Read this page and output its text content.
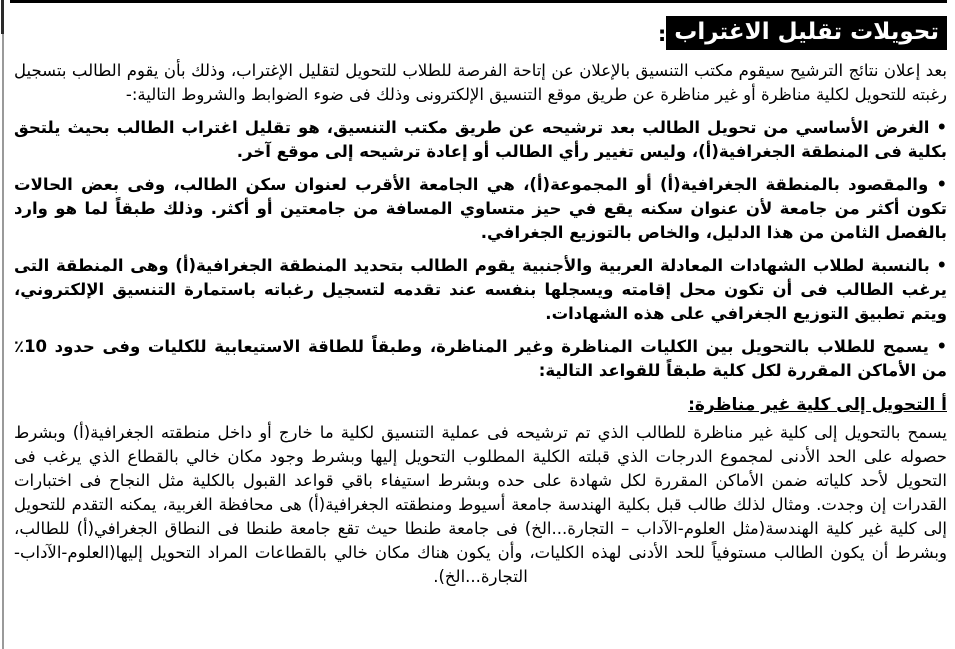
تحويلات تقليل الاغتراب:

بعد إعلان نتائج الترشيح سيقوم مكتب التنسيق بالإعلان عن إتاحة الفرصة للطلاب للتحويل لتقليل الإغتراب، وذلك بأن يقوم الطالب بتسجيل رغبته للتحويل لكلية مناظرة أو غير مناظرة عن طريق موقع التنسيق الإلكترونى وذلك فى ضوء الضوابط والشروط التالية:-

• الغرض الأساسي من تحويل الطالب بعد ترشيحه عن طريق مكتب التنسيق، هو تقليل اغتراب الطالب بحيث يلتحق بكلية فى المنطقة الجغرافية(أ)، وليس تغيير رأي الطالب أو إعادة ترشيحه إلى موقع آخر.

• والمقصود بالمنطقة الجغرافية(أ) أو المجموعة(أ)، هي الجامعة الأقرب لعنوان سكن الطالب، وفى بعض الحالات تكون أكثر من جامعة لأن عنوان سكنه يقع في حيز متساوي المسافة من جامعتين أو أكثر. وذلك طبقاً لما هو وارد بالفصل الثامن من هذا الدليل، والخاص بالتوزيع الجغرافي.

• بالنسبة لطلاب الشهادات المعادلة العربية والأجنبية يقوم الطالب بتحديد المنطقة الجغرافية(أ) وهى المنطقة التى يرغب الطالب فى أن تكون محل إقامته ويسجلها بنفسه عند تقدمه لتسجيل رغباته باستمارة التنسيق الإلكتروني، ويتم تطبيق التوزيع الجغرافي على هذه الشهادات.

• يسمح للطلاب بالتحويل بين الكليات المناظرة وغير المناظرة، وطبقاً للطاقة الاستيعابية للكليات وفى حدود 10٪ من الأماكن المقررة لكل كلية طبقاً للقواعد التالية:

أ التحويل إلى كلية غير مناظرة:

يسمح بالتحويل إلى كلية غير مناظرة للطالب الذي تم ترشيحه فى عملية التنسيق لكلية ما خارج أو داخل منطقته الجغرافية(أ) وبشرط حصوله على الحد الأدنى لمجموع الدرجات الذي قبلته الكلية المطلوب التحويل إليها وبشرط وجود مكان خالي بالقطاع الذي يرغب فى التحويل لأحد كلياته ضمن الأماكن المقررة لكل شهادة على حده وبشرط استيفاء باقي قواعد القبول بالكلية مثل النجاح فى اختبارات القدرات إن وجدت. ومثال لذلك طالب قبل بكلية الهندسة جامعة أسيوط ومنطقته الجغرافية(أ) هى محافظة الغربية، يمكنه التقدم للتحويل إلى كلية غير كلية الهندسة(مثل العلوم-الآداب – التجارة...الخ) فى جامعة طنطا حيث تقع جامعة طنطا فى النطاق الجغرافي(أ) للطالب، وبشرط أن يكون الطالب مستوفياً للحد الأدنى لهذه الكليات، وأن يكون هناك مكان خالي بالقطاعات المراد التحويل إليها(العلوم-الآداب- التجارة...الخ).
